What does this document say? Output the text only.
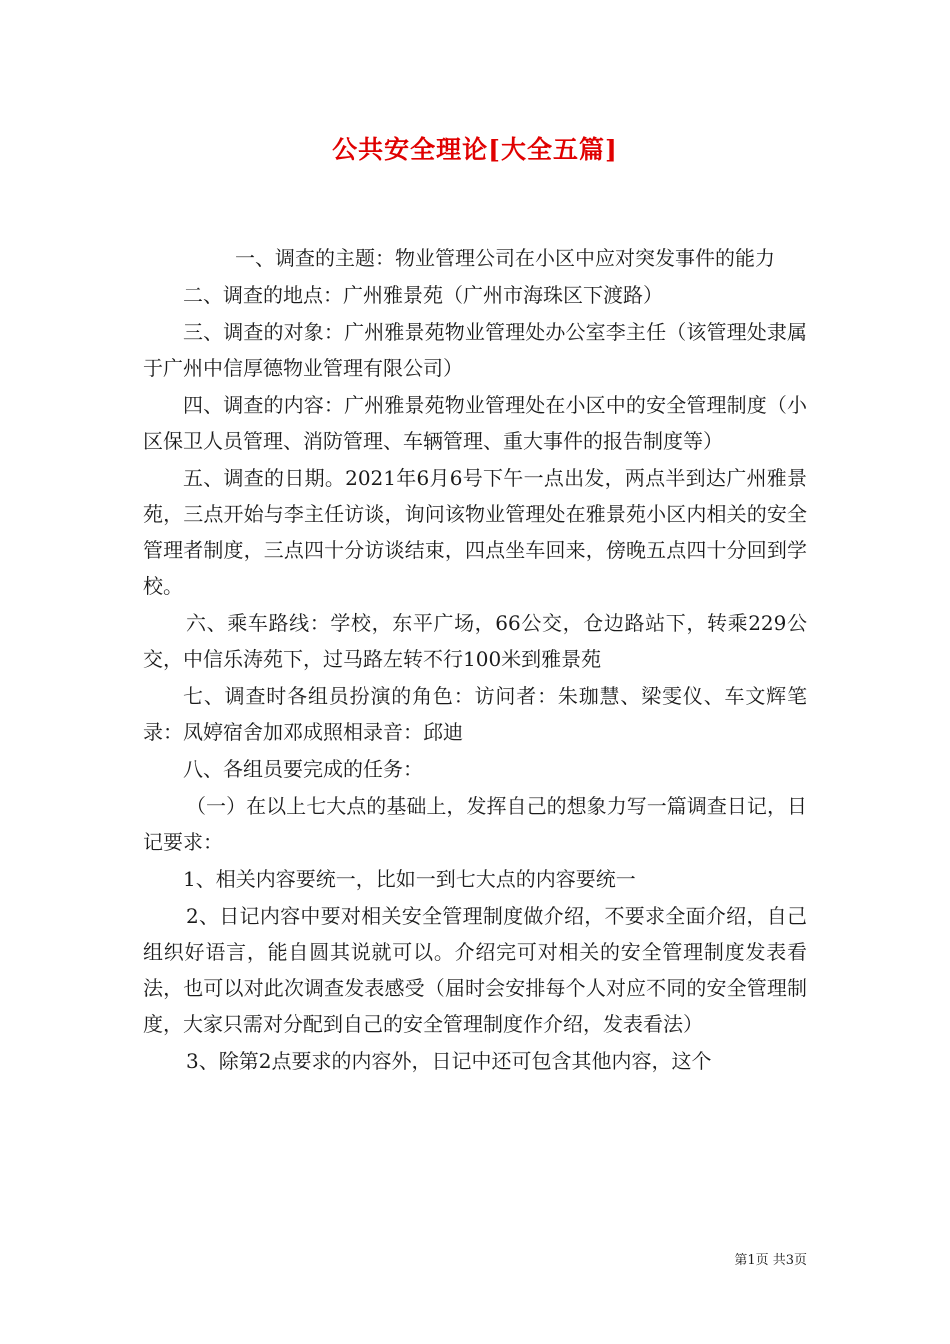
公共安全理论[大全五篇]

一、调查的主题：物业管理公司在小区中应对突发事件的能力

二、调查的地点：广州雅景苑（广州市海珠区下渡路）

三、调查的对象：广州雅景苑物业管理处办公室李主任（该管理处隶属于广州中信厚德物业管理有限公司）

四、调查的内容：广州雅景苑物业管理处在小区中的安全管理制度（小区保卫人员管理、消防管理、车辆管理、重大事件的报告制度等）

五、调查的日期。2021年6月6号下午一点出发，两点半到达广州雅景苑，三点开始与李主任访谈，询问该物业管理处在雅景苑小区内相关的安全管理者制度，三点四十分访谈结束，四点坐车回来，傍晚五点四十分回到学校。

六、乘车路线：学校，东平广场，66公交，仓边路站下，转乘229公交，中信乐涛苑下，过马路左转不行100米到雅景苑

七、调查时各组员扮演的角色：访问者：朱珈慧、梁雯仪、车文辉笔录：凤婷宿舍加邓成照相录音：邱迪

八、各组员要完成的任务：

（一）在以上七大点的基础上，发挥自己的想象力写一篇调查日记，日记要求：

1、相关内容要统一，比如一到七大点的内容要统一

2、日记内容中要对相关安全管理制度做介绍，不要求全面介绍，自己组织好语言，能自圆其说就可以。介绍完可对相关的安全管理制度发表看法，也可以对此次调查发表感受（届时会安排每个人对应不同的安全管理制度，大家只需对分配到自己的安全管理制度作介绍，发表看法）

3、除第2点要求的内容外，日记中还可包含其他内容，这个

第1页 共3页
